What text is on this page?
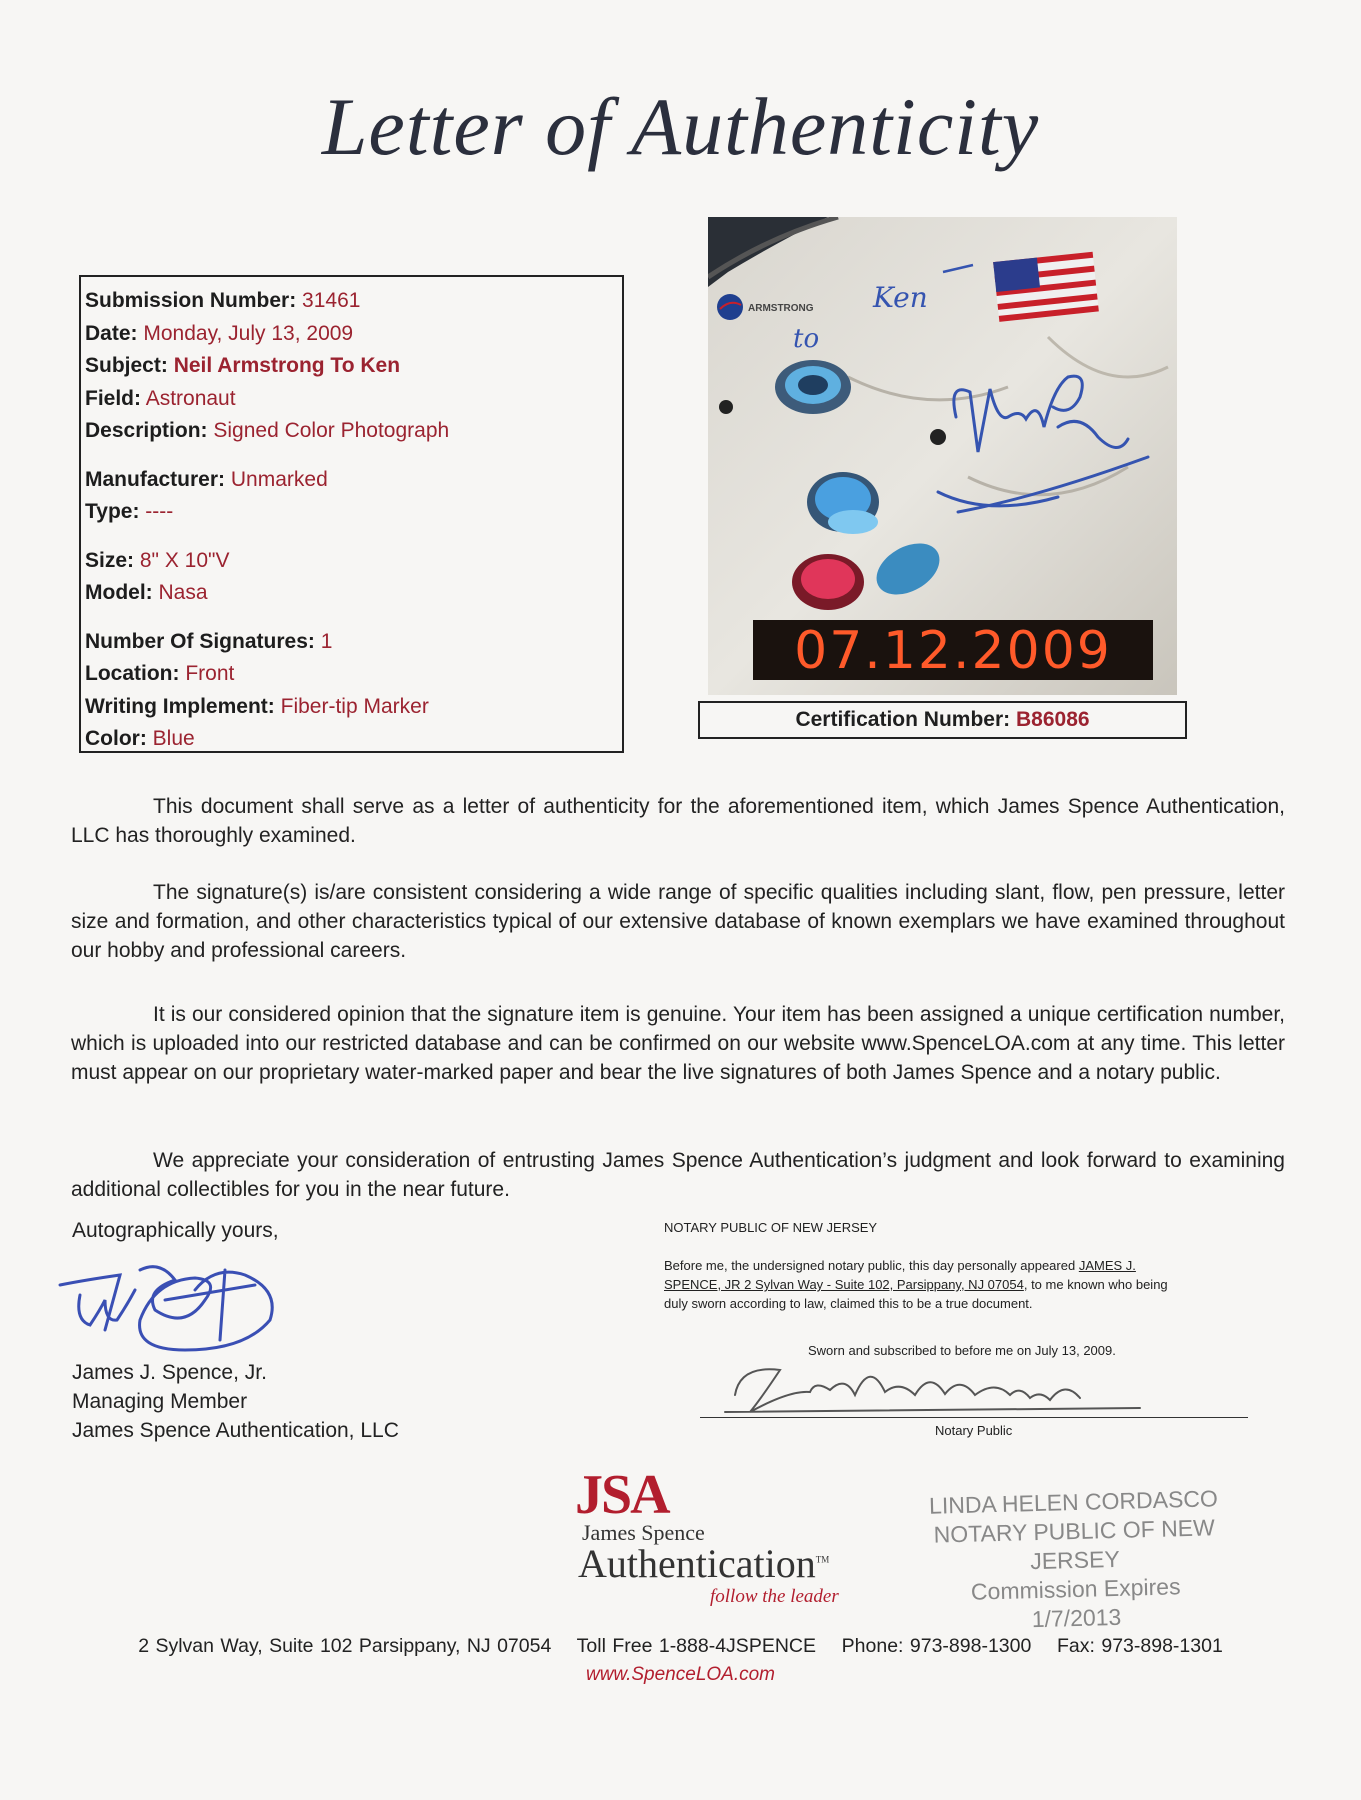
Letter of Authenticity
Submission Number: 31461
Date: Monday, July 13, 2009
Subject: Neil Armstrong To Ken
Field: Astronaut
Description: Signed Color Photograph
Manufacturer: Unmarked
Type: ----
Size: 8" X 10"V
Model: Nasa
Number Of Signatures: 1
Location: Front
Writing Implement: Fiber-tip Marker
Color: Blue
ARMSTRONG
to
Ken
07.12.2009
Certification Number: B86086
This document shall serve as a letter of authenticity for the aforementioned item, which James Spence Authentication, LLC has thoroughly examined.
The signature(s) is/are consistent considering a wide range of specific qualities including slant, flow, pen pressure, letter size and formation, and other characteristics typical of our extensive database of known exemplars we have examined throughout our hobby and professional careers.
It is our considered opinion that the signature item is genuine. Your item has been assigned a unique certification number, which is uploaded into our restricted database and can be confirmed on our website www.SpenceLOA.com at any time. This letter must appear on our proprietary water-marked paper and bear the live signatures of both James Spence and a notary public.
We appreciate your consideration of entrusting James Spence Authentication’s judgment and look forward to examining additional collectibles for you in the near future.
Autographically yours,
James J. Spence, Jr.
Managing Member
James Spence Authentication, LLC
NOTARY PUBLIC OF NEW JERSEY
Before me, the undersigned notary public, this day personally appeared JAMES J. SPENCE, JR 2 Sylvan Way - Suite 102, Parsippany, NJ 07054, to me known who being duly sworn according to law, claimed this to be a true document.
Sworn and subscribed to before me on July 13, 2009.
Notary Public
LINDA HELEN CORDASCO
NOTARY PUBLIC OF NEW JERSEY
Commission Expires 1/7/2013
JSA
James Spence
Authentication™
follow the leader
2 Sylvan Way, Suite 102 Parsippany, NJ 07054 Toll Free 1-888-4JSPENCE Phone: 973-898-1300 Fax: 973-898-1301
www.SpenceLOA.com
